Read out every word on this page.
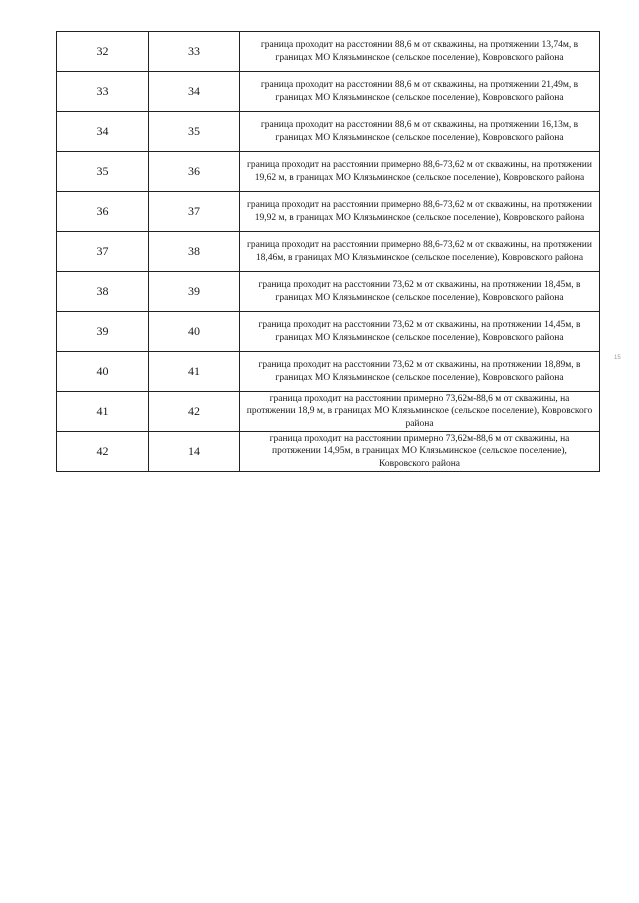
32	33	граница проходит на расстоянии 88,6 м от скважины, на протяжении 13,74м, в границах МО Клязьминское (сельское поселение), Ковровского района
33	34	граница проходит на расстоянии 88,6 м от скважины, на протяжении 21,49м, в границах МО Клязьминское (сельское поселение), Ковровского района
34	35	граница проходит на расстоянии 88,6 м от скважины, на протяжении 16,13м, в границах МО Клязьминское (сельское поселение), Ковровского района
35	36	граница проходит на расстоянии примерно 88,6-73,62 м от скважины, на протяжении 19,62 м, в границах МО Клязьминское (сельское поселение), Ковровского района
36	37	граница проходит на расстоянии примерно 88,6-73,62 м от скважины, на протяжении 19,92 м, в границах МО Клязьминское (сельское поселение), Ковровского района
37	38	граница проходит на расстоянии примерно 88,6-73,62 м от скважины, на протяжении 18,46м, в границах МО Клязьминское (сельское поселение), Ковровского района
38	39	граница проходит на расстоянии 73,62 м от скважины, на протяжении 18,45м, в границах МО Клязьминское (сельское поселение), Ковровского района
39	40	граница проходит на расстоянии 73,62 м от скважины, на протяжении 14,45м, в границах МО Клязьминское (сельское поселение), Ковровского района
40	41	граница проходит на расстоянии 73,62 м от скважины, на протяжении 18,89м, в границах МО Клязьминское (сельское поселение), Ковровского района
41	42	граница проходит на расстоянии примерно 73,62м-88,6 м от скважины, на протяжении 18,9 м, в границах МО Клязьминское (сельское поселение), Ковровского района
42	14	граница проходит на расстоянии примерно 73,62м-88,6 м от скважины, на протяжении 14,95м, в границах МО Клязьминское (сельское поселение), Ковровского района
15
